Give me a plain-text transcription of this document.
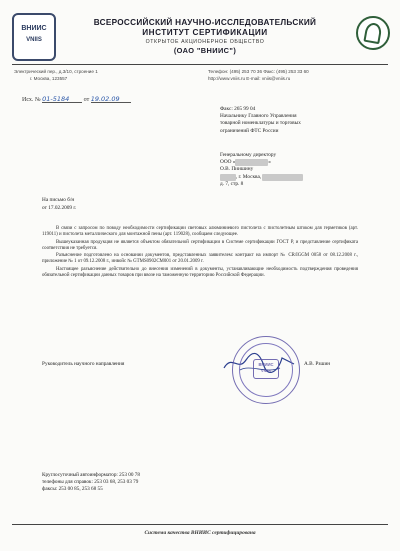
ВНИИС
VNIIS
ВСЕРОССИЙСКИЙ НАУЧНО-ИССЛЕДОВАТЕЛЬСКИЙ
ИНСТИТУТ СЕРТИФИКАЦИИ
ОТКРЫТОЕ АКЦИОНЕРНОЕ ОБЩЕСТВО
(ОАО "ВНИИС")
Электрический пер., д.3/10, строение 1
г. Москва, 123557
Телефон: (495) 253 70 36 Факс: (495) 253 33 60
http://www.vniis.ru E-mail: vniis@vniis.ru
Исх. № 01-5184 от 19.02.09
Факс: 265 99 04
Начальнику Главного Управления
товарной номенклатуры и торговых
ограничений ФТС России
Генеральному директору
ООО «	»
О.В. Пиишину
, г. Москва,
д. 7, стр. 8
На письмо б/н
от 17.02.2009 г.

В связи с запросом по поводу необходимости сертификации световых алюминиевого пистолета с пистолетным штоком для герметиков (арт. 119011) и пистолета металлического для монтажной пены (арт. 119028), сообщаем следующее.

Вышеуказанная продукция не является объектом обязательной сертификации в Системе сертификации ГОСТ Р, и представление сертификата соответствия не требуется.

Разъяснение подготовлено на основании документов, представленных заявителем: контракт на импорт № CR/IGGM 0058 от 08.12.2008 г., приложение № 1 от 09.12.2008 г., инвойс № GTMS0902CM001 от 20.01.2009 г.

Настоящее разъяснение действительно до внесения изменений в документы, устанавливающие необходимость подтверждения проведения обязательной сертификации данных товаров при ввозе на таможенную территорию Российской Федерации.

Руководитель научного направления	А.В. Рзшин
ВНИИС
VNIIS
Круглосуточный автоинформатор: 253 00 78
телефоны для справок: 253 03 68, 253 03 79
факсы: 253 00 85, 253 68 55
Система качества ВНИИС сертифицирована
